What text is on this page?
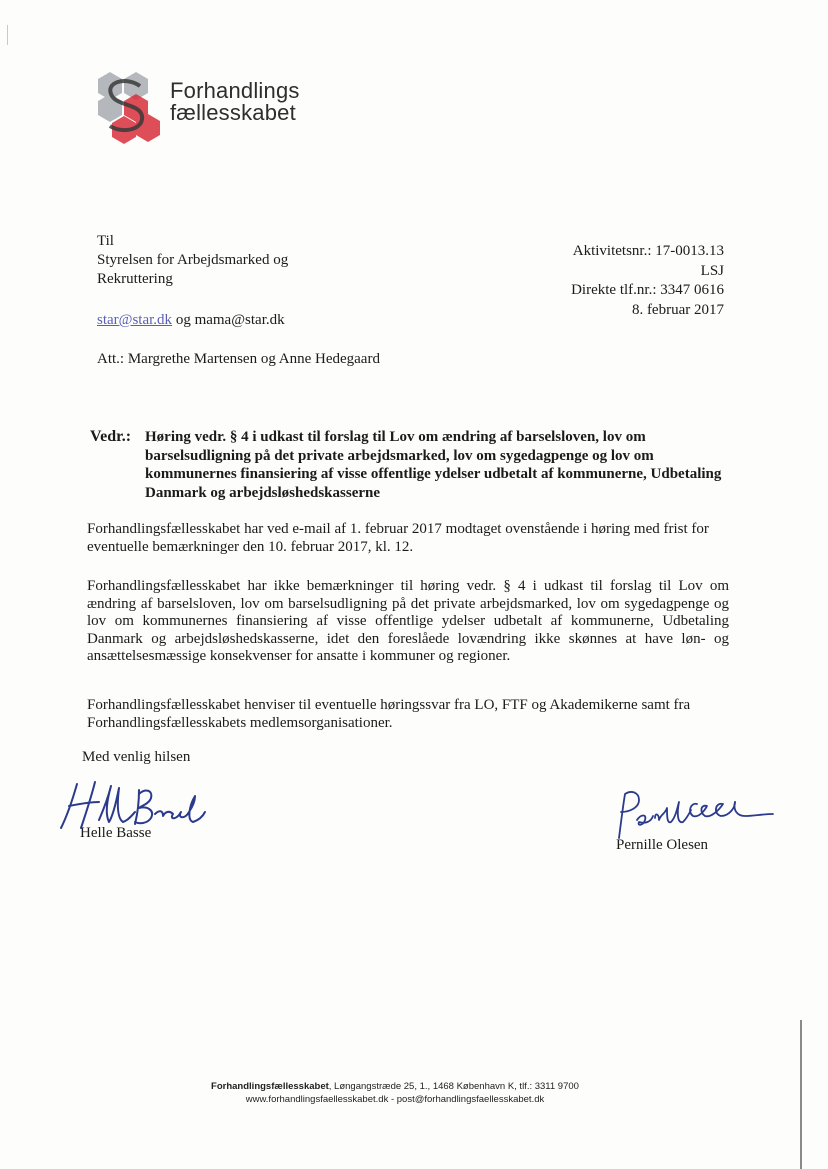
Forhandlings
fællesskabet
Til
Styrelsen for Arbejdsmarked og
Rekruttering
Aktivitetsnr.: 17-0013.13
LSJ
Direkte tlf.nr.: 3347 0616
8. februar 2017
star@star.dk og mama@star.dk
Att.: Margrethe Martensen og Anne Hedegaard
Vedr.: Høring vedr. § 4 i udkast til forslag til Lov om ændring af barselsloven, lov om barselsudligning på det private arbejdsmarked, lov om sygedagpenge og lov om kommunernes finansiering af visse offentlige ydelser udbetalt af kommunerne, Udbetaling Danmark og arbejdsløshedskasserne
Forhandlingsfællesskabet har ved e-mail af 1. februar 2017 modtaget ovenstående i høring med frist for eventuelle bemærkninger den 10. februar 2017, kl. 12.
Forhandlingsfællesskabet har ikke bemærkninger til høring vedr. § 4 i udkast til forslag til Lov om ændring af barselsloven, lov om barselsudligning på det private arbejdsmarked, lov om sygedagpenge og lov om kommunernes finansiering af visse offentlige ydelser udbetalt af kommunerne, Udbetaling Danmark og arbejdsløshedskasserne, idet den foreslåede lovændring ikke skønnes at have løn- og ansættelsesmæssige konsekvenser for ansatte i kommuner og regioner.
Forhandlingsfællesskabet henviser til eventuelle høringssvar fra LO, FTF og Akademikerne samt fra Forhandlingsfællesskabets medlemsorganisationer.
Med venlig hilsen
Helle Basse
Pernille Olesen
Forhandlingsfællesskabet, Løngangstræde 25, 1., 1468 København K, tlf.: 3311 9700
www.forhandlingsfaellesskabet.dk - post@forhandlingsfaellesskabet.dk
